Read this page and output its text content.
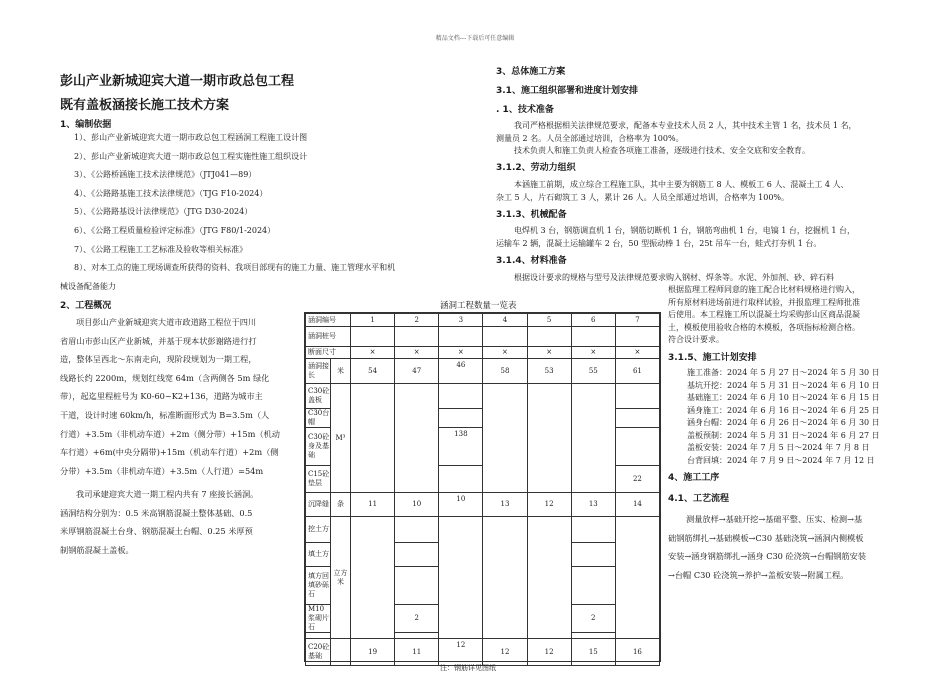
精品文档---下载后可任意编辑
彭山产业新城迎宾大道一期市政总包工程
既有盖板涵接长施工技术方案
1、编制依据
1）、彭山产业新城迎宾大道一期市政总包工程涵洞工程施工设计图
2）、彭山产业新城迎宾大道一期市政总包工程实施性施工组织设计
3）、《公路桥涵施工技术法律规范》（JTJ041—89）
4）、《公路路基施工技术法律规范》（TJG F10-2024）
5）、《公路路基设计法律规范》（JTG D30-2024）
6）、《公路工程质量检验评定标准》（JTG F80/1-2024）
7）、《公路工程施工工艺标准及验收等相关标准》
8）、对本工点的施工现场调查所获得的资料、我项目部现有的施工力量、施工管理水平和机
械设备配备能力
2、工程概况
项目彭山产业新城迎宾大道市政道路工程位于四川
省眉山市彭山区产业新城，并基于现本状彭谢路进行打
造，整体呈西北～东南走向，现阶段规划为一期工程，
线路长约 2200m，规划红线宽 64m（含两侧各 5m 绿化
带），起迄里程桩号为 K0-60~K2+136，道路为城市主
干道，设计时速 60km/h，标准断面形式为 B=3.5m（人
行道）+3.5m（非机动车道）+2m（侧分带）+15m（机动
车行道）+6m(中央分隔带)+15m（机动车行道）+2m（侧
分带）+3.5m（非机动车道）+3.5m（人行道）=54m
我司承建迎宾大道一期工程内共有 7 座接长涵洞。
涵洞结构分别为：0.5 米高钢筋混凝土整体基础、0.5
米厚钢筋混凝土台身、钢筋混凝土台帽、0.25 米厚预
制钢筋混凝土盖板。
涵洞工程数量一览表
涵洞编号		1	2	3	4	5	6	7
涵洞桩号								
断面尺寸		×	×	×	×	×	×	×
涵洞接长	米	54	47	46	58	53	55	61
C30砼盖板	M³							
C30台帽								
C30砼身及基础				138				
C15砼垫层								22
沉降缝	条	11	10	10	13	12	13	14
挖土方	立方米							
填土方								
填方回填砂砾石								
M10浆砌片石			2				2	

C20砼基础		19	11	12	12	12	15	16
注：钢筋详见图纸
3、总体施工方案
3.1、施工组织部署和进度计划安排
. 1、技术准备
我司严格根据相关法律规范要求，配备本专业技术人员 2 人，其中技术主管 1 名，技术员 1 名，
测量员 2 名。人员全部通过培训，合格率为 100%。
技术负责人和施工负责人检查各项施工准备，逐级进行技术、安全交底和安全教育。
3.1.2、劳动力组织
本涵施工前期，成立综合工程施工队，其中主要为钢筋工 8 人、模板工 6 人、混凝土工 4 人、
杂工 5 人，片石砌筑工 3 人，累计 26 人。人员全部通过培训，合格率为 100%。
3.1.3、机械配备
电焊机 3 台，钢筋调直机 1 台，钢筋切断机 1 台，钢筋弯曲机 1 台，电镐 1 台，挖掘机 1 台，
运输车 2 辆，混凝土运输罐车 2 台，50 型振动棒 1 台，25t 吊车一台，蛙式打夯机 1 台。
3.1.4、材料准备
根据设计要求的规格与型号及法律规范要求购入钢材、焊条等。水泥、外加剂、砂、碎石料
根据监理工程师同意的施工配合比材料规格进行购入，
所有原材料进场前进行取样试验，并报监理工程师批准
后使用。本工程施工所以混凝土均采购彭山区商品混凝
土，模板使用验收合格的木模板，各项指标检测合格。
符合设计要求。
3.1.5、施工计划安排
施工准备：2024 年 5 月 27 日～2024 年 5 月 30 日
基坑开挖：2024 年 5 月 31 日～2024 年 6 月 10 日
基础施工：2024 年 6 月 10 日～2024 年 6 月 15 日
涵身施工：2024 年 6 月 16 日～2024 年 6 月 25 日
涵身台帽：2024 年 6 月 26 日～2024 年 6 月 30 日
盖板预制：2024 年 5 月 31 日～2024 年 6 月 27 日
盖板安装：2024 年 7 月 5 日～2024 年 7 月 8 日
台背回填：2024 年 7 月 9 日～2024 年 7 月 12 日
4、施工工序
4.1、工艺流程
测量放样→基础开挖→基础平整、压实、检测→基
础钢筋绑扎→基础模板→C30 基础浇筑→涵洞内侧模板
安装→涵身钢筋绑扎→涵身 C30 砼浇筑→台帽钢筋安装
→台帽 C30 砼浇筑→养护→盖板安装→附属工程。
